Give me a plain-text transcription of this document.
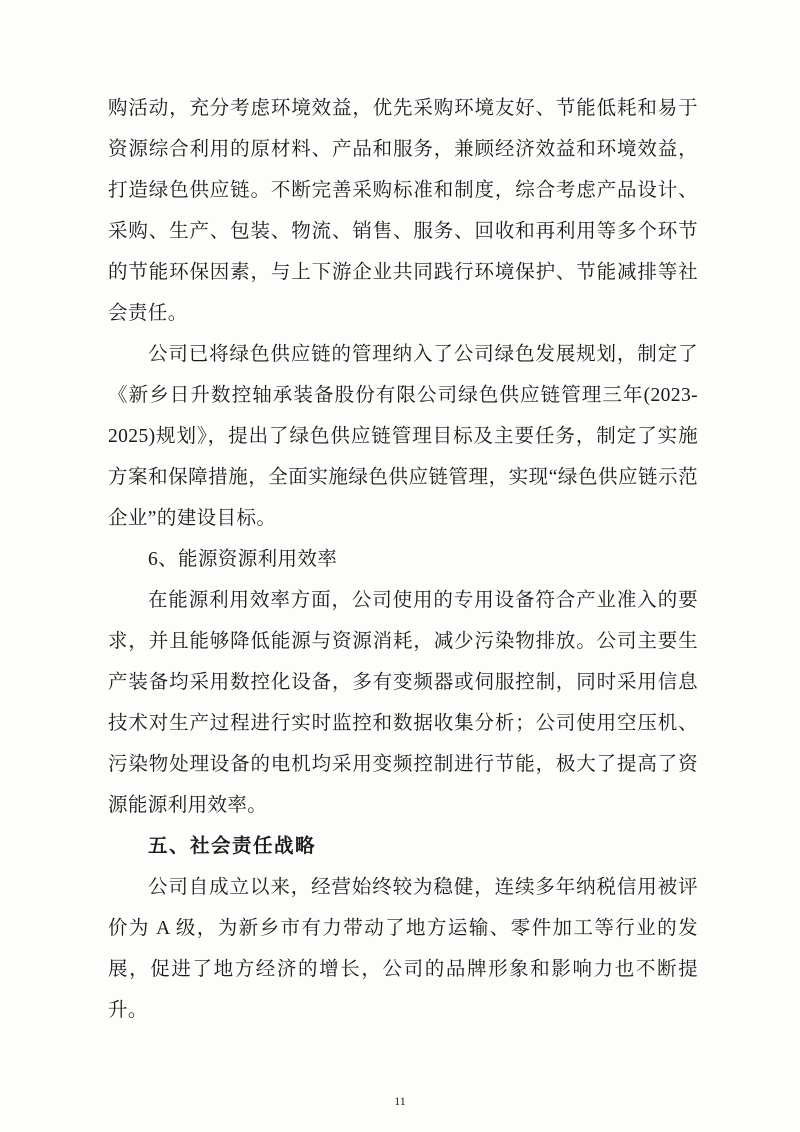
购活动，充分考虑环境效益，优先采购环境友好、节能低耗和易于资源综合利用的原材料、产品和服务，兼顾经济效益和环境效益，打造绿色供应链。不断完善采购标准和制度，综合考虑产品设计、采购、生产、包装、物流、销售、服务、回收和再利用等多个环节的节能环保因素，与上下游企业共同践行环境保护、节能减排等社会责任。

公司已将绿色供应链的管理纳入了公司绿色发展规划，制定了《新乡日升数控轴承装备股份有限公司绿色供应链管理三年(2023-2025)规划》，提出了绿色供应链管理目标及主要任务，制定了实施方案和保障措施，全面实施绿色供应链管理，实现“绿色供应链示范企业”的建设目标。

6、能源资源利用效率

在能源利用效率方面，公司使用的专用设备符合产业准入的要求，并且能够降低能源与资源消耗，减少污染物排放。公司主要生产装备均采用数控化设备，多有变频器或伺服控制，同时采用信息技术对生产过程进行实时监控和数据收集分析；公司使用空压机、污染物处理设备的电机均采用变频控制进行节能，极大了提高了资源能源利用效率。

五、社会责任战略

公司自成立以来，经营始终较为稳健，连续多年纳税信用被评价为 A 级，为新乡市有力带动了地方运输、零件加工等行业的发展，促进了地方经济的增长，公司的品牌形象和影响力也不断提升。

11
